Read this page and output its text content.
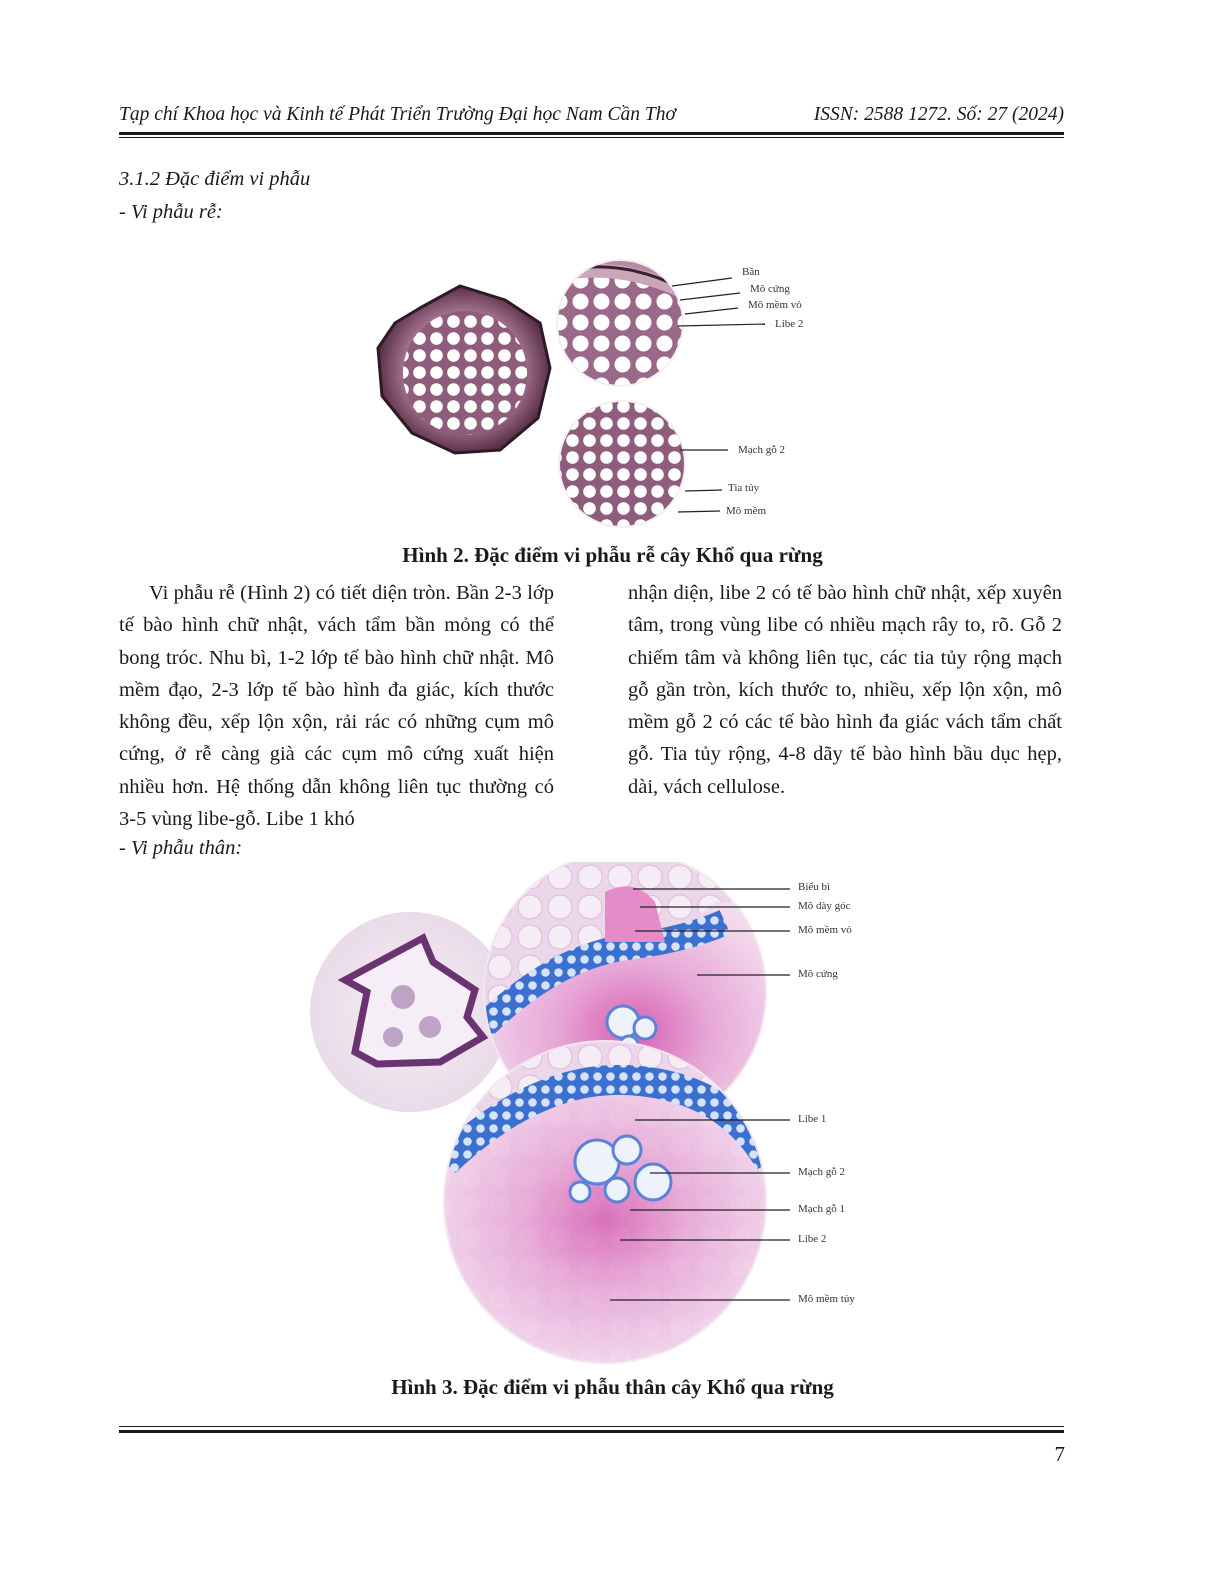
Tạp chí Khoa học và Kinh tế Phát Triển Trường Đại học Nam Cần Thơ	ISSN: 2588 1272. Số: 27 (2024)
3.1.2 Đặc điểm vi phẫu
- Vi phẫu rễ:
Bần
Mô cứng
Mô mềm vỏ
Libe 2
Mạch gỗ 2
Tia tủy
Mô mềm
Hình 2. Đặc điểm vi phẫu rễ cây Khổ qua rừng

Vi phẫu rễ (Hình 2) có tiết diện tròn. Bần 2-3 lớp tế bào hình chữ nhật, vách tẩm bần mỏng có thể bong tróc. Nhu bì, 1-2 lớp tế bào hình chữ nhật. Mô mềm đạo, 2-3 lớp tế bào hình đa giác, kích thước không đều, xếp lộn xộn, rải rác có những cụm mô cứng, ở rễ càng già các cụm mô cứng xuất hiện nhiều hơn. Hệ thống dẫn không liên tục thường có 3-5 vùng libe-gỗ. Libe 1 khó

nhận diện, libe 2 có tế bào hình chữ nhật, xếp xuyên tâm, trong vùng libe có nhiều mạch rây to, rõ. Gỗ 2 chiếm tâm và không liên tục, các tia tủy rộng mạch gỗ gần tròn, kích thước to, nhiều, xếp lộn xộn, mô mềm gỗ 2 có các tế bào hình đa giác vách tẩm chất gỗ. Tia tủy rộng, 4-8 dãy tế bào hình bầu dục hẹp, dài, vách cellulose.

- Vi phẫu thân:
Biểu bì
Mô dày góc
Mô mềm vỏ
Mô cứng
Libe 1
Mạch gỗ 2
Mạch gỗ 1
Libe 2
Mô mềm tủy
Hình 3. Đặc điểm vi phẫu thân cây Khổ qua rừng
7
